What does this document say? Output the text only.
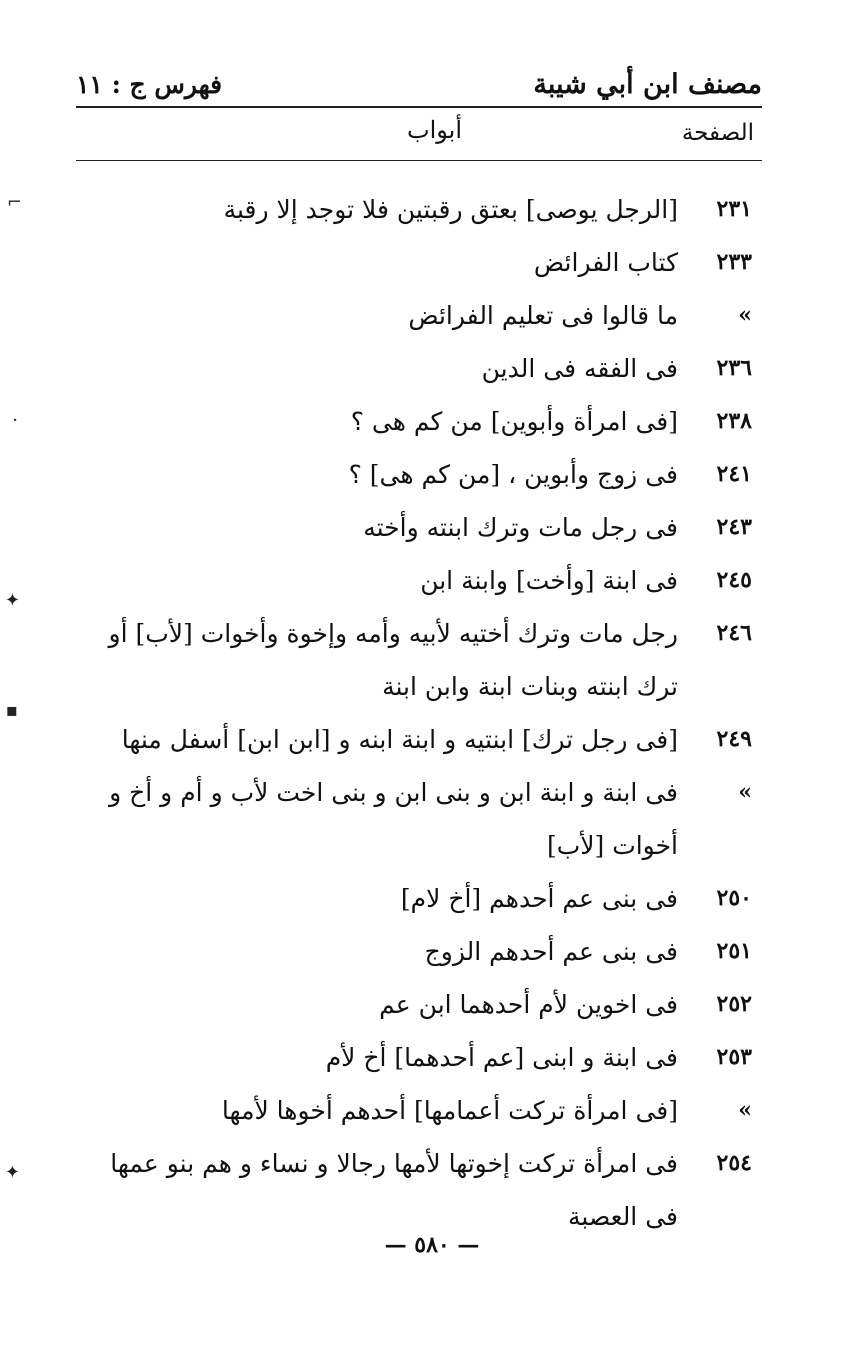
مصنف ابن أبي شيبة
فهرس ج : ١١
الصفحة
أبواب
٢٣١
[الرجل يوصى] بعتق رقبتين فلا توجد إلا رقبة
٢٣٣
كتاب الفرائض
»
ما قالوا فى تعليم الفرائض
٢٣٦
فى الفقه فى الدين
٢٣٨
[فى امرأة وأبوين] من كم هى ؟
٢٤١
فى زوج وأبوين ، [من كم هى] ؟
٢٤٣
فى رجل مات وترك ابنته وأخته
٢٤٥
فى ابنة [وأخت] وابنة ابن
٢٤٦
رجل مات وترك أختيه لأبيه وأمه وإخوة وأخوات [لأب] أو ترك ابنته وبنات ابنة وابن ابنة
٢٤٩
[فى رجل ترك] ابنتيه و ابنة ابنه و [ابن ابن] أسفل منها
»
فى ابنة و ابنة ابن و بنى ابن و بنى اخت لأب و أم و أخ و أخوات [لأب]
٢٥٠
فى بنى عم أحدهم [أخ لام]
٢٥١
فى بنى عم أحدهم الزوج
٢٥٢
فى اخوين لأم أحدهما ابن عم
٢٥٣
فى ابنة و ابنى [عم أحدهما] أخ لأم
»
[فى امرأة تركت أعمامها] أحدهم أخوها لأمها
٢٥٤
فى امرأة تركت إخوتها لأمها رجالا و نساء و هم بنو عمها فى العصبة
— ٥٨٠ —
⌐
·
✦
▪
✦
